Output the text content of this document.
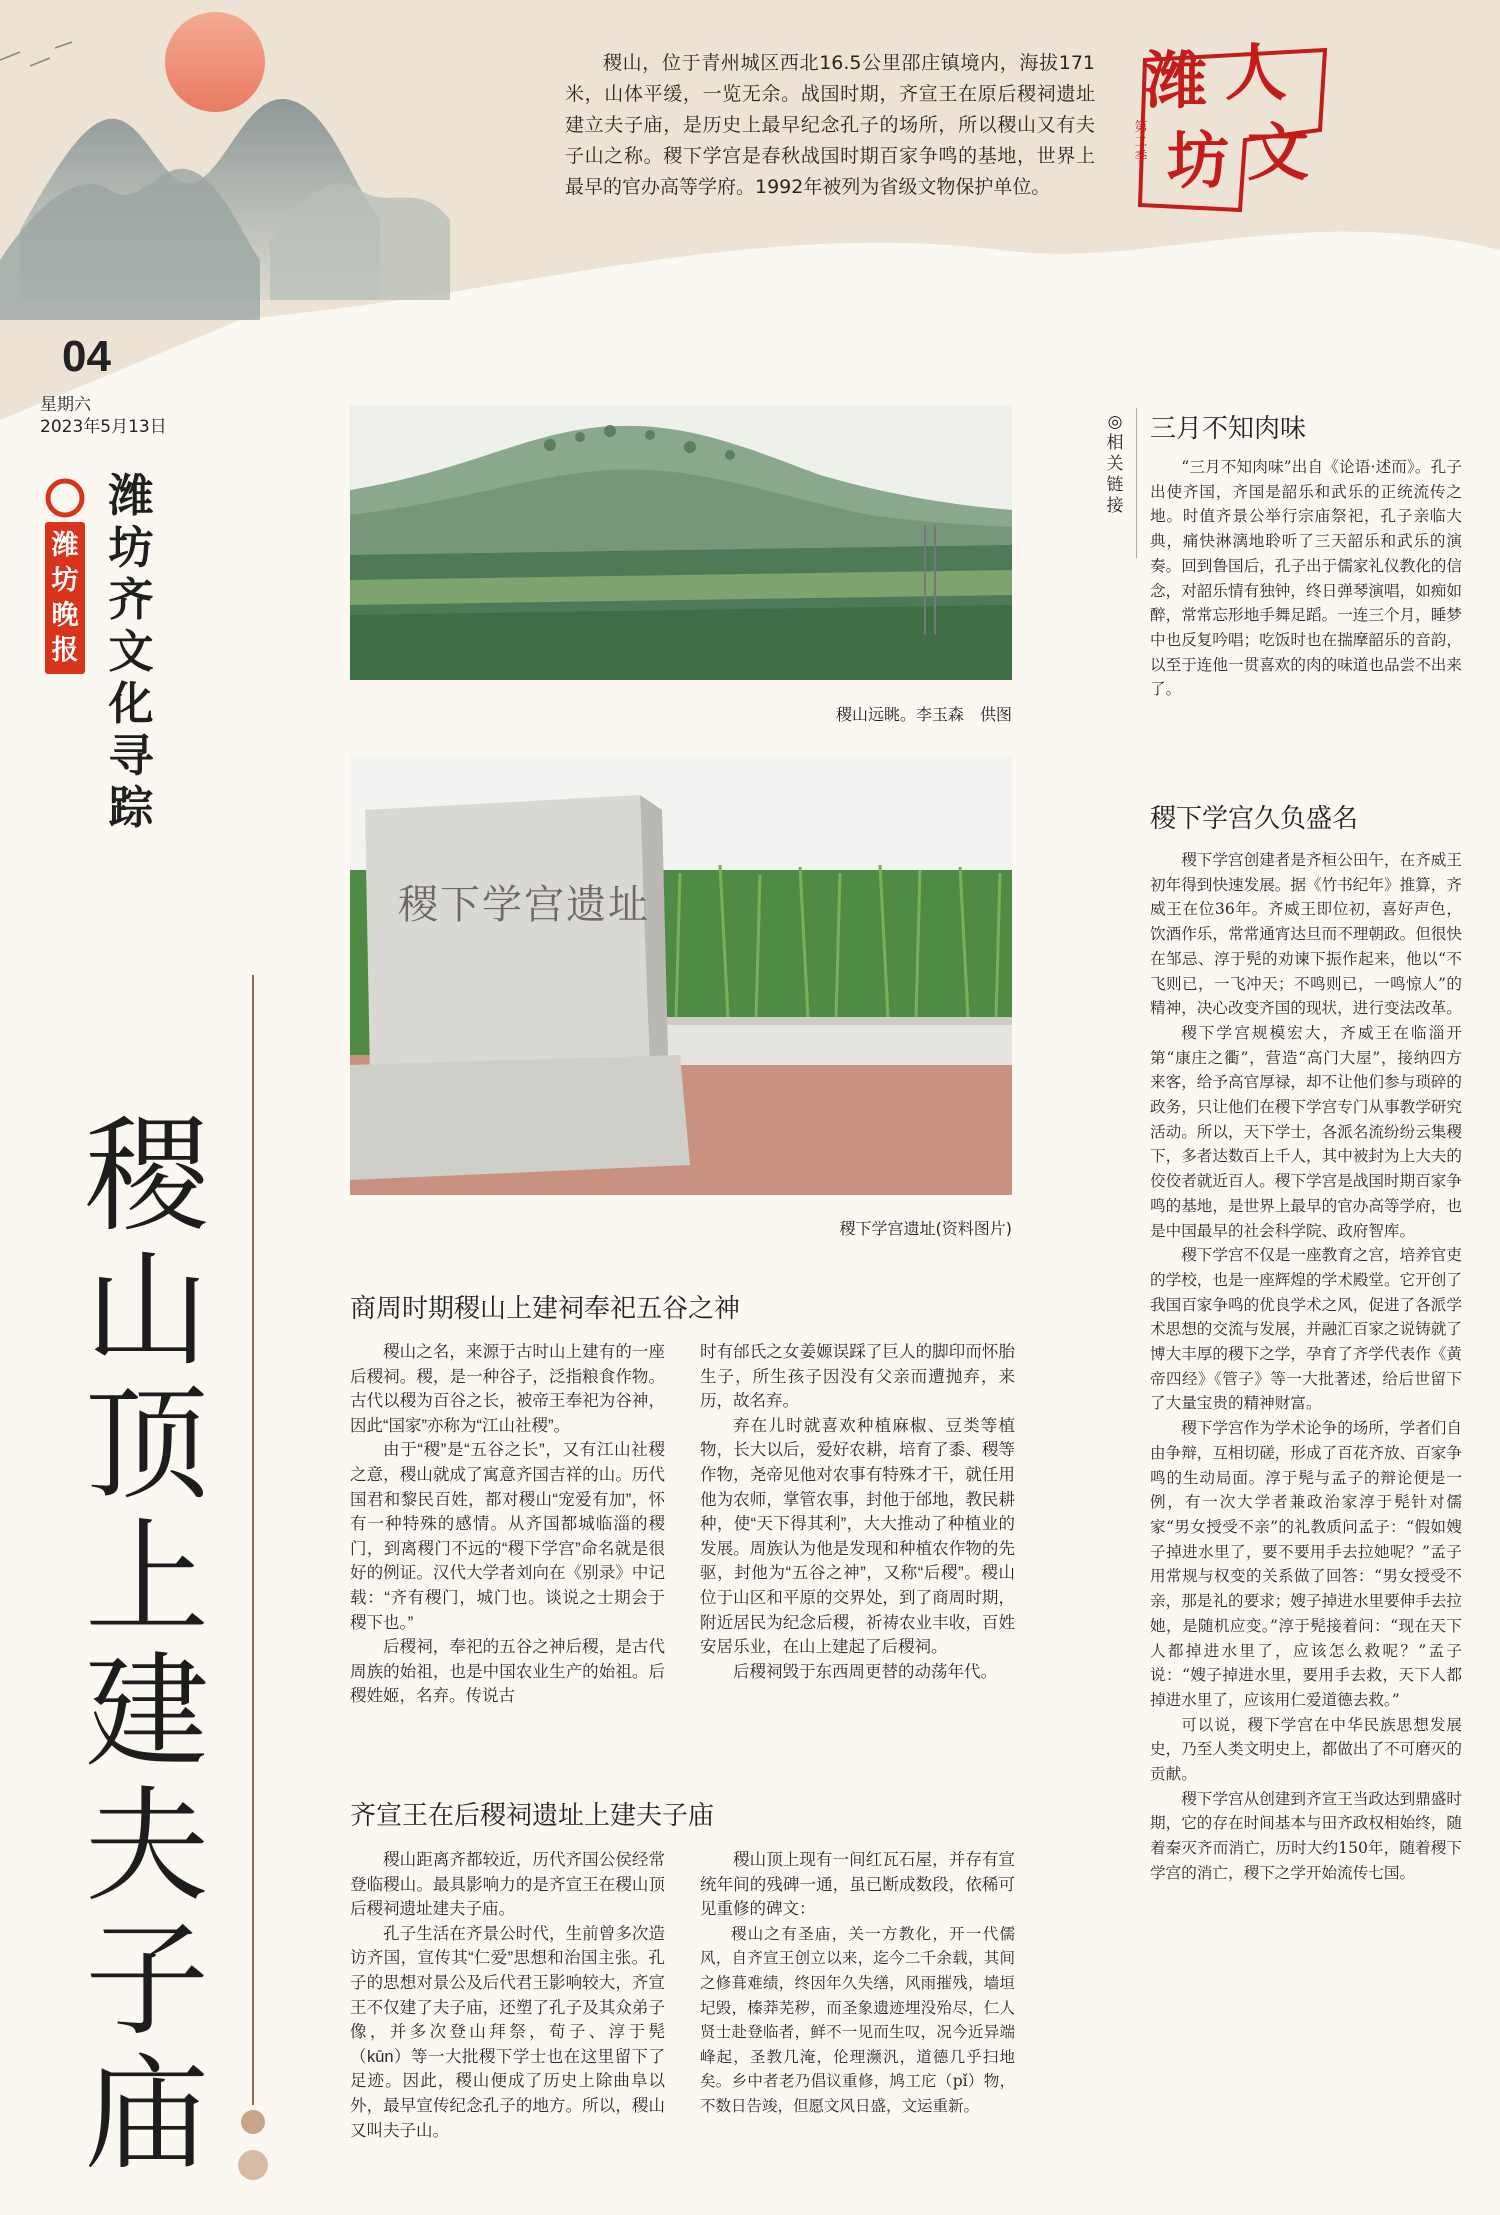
稷山，位于青州城区西北16.5公里邵庄镇境内，海拔171米，山体平缓，一览无余。战国时期，齐宣王在原后稷祠遗址建立夫子庙，是历史上最早纪念孔子的场所，所以稷山又有夫子山之称。稷下学宫是春秋战国时期百家争鸣的基地，世界上最早的官办高等学府。1992年被列为省级文物保护单位。
潍 人
坊 文
第二季
04
星期六
2023年5月13日
潍坊晚报
潍坊齐文化寻踪
稷山顶上建夫子庙
稷山远眺。李玉森　供图
稷下学宫遗址
稷下学宫遗址(资料图片)
商周时期稷山上建祠奉祀五谷之神

稷山之名，来源于古时山上建有的一座后稷祠。稷，是一种谷子，泛指粮食作物。古代以稷为百谷之长，被帝王奉祀为谷神，因此“国家”亦称为“江山社稷”。

由于“稷”是“五谷之长”，又有江山社稷之意，稷山就成了寓意齐国吉祥的山。历代国君和黎民百姓，都对稷山“宠爱有加”，怀有一种特殊的感情。从齐国都城临淄的稷门，到离稷门不远的“稷下学宫”命名就是很好的例证。汉代大学者刘向在《别录》中记载：“齐有稷门，城门也。谈说之士期会于稷下也。”

后稷祠，奉祀的五谷之神后稷，是古代周族的始祖，也是中国农业生产的始祖。后稷姓姬，名弃。传说古

时有邰氏之女姜嫄误踩了巨人的脚印而怀胎生子，所生孩子因没有父亲而遭抛弃，来历，故名弃。

弃在儿时就喜欢种植麻椒、豆类等植物，长大以后，爱好农耕，培育了黍、稷等作物，尧帝见他对农事有特殊才干，就任用他为农师，掌管农事，封他于邰地，教民耕种，使“天下得其利”，大大推动了种植业的发展。周族认为他是发现和种植农作物的先驱，封他为“五谷之神”，又称“后稷”。稷山位于山区和平原的交界处，到了商周时期，附近居民为纪念后稷，祈祷农业丰收，百姓安居乐业，在山上建起了后稷祠。

后稷祠毁于东西周更替的动荡年代。

齐宣王在后稷祠遗址上建夫子庙

稷山距离齐都较近，历代齐国公侯经常登临稷山。最具影响力的是齐宣王在稷山顶后稷祠遗址建夫子庙。

孔子生活在齐景公时代，生前曾多次造访齐国，宣传其“仁爱”思想和治国主张。孔子的思想对景公及后代君王影响较大，齐宣王不仅建了夫子庙，还塑了孔子及其众弟子像，并多次登山拜祭，荀子、淳于髡（kūn）等一大批稷下学士也在这里留下了足迹。因此，稷山便成了历史上除曲阜以外，最早宣传纪念孔子的地方。所以，稷山又叫夫子山。

稷山顶上现有一间红瓦石屋，并存有宣统年间的残碑一通，虽已断成数段，依稀可见重修的碑文：

稷山之有圣庙，关一方教化，开一代儒风，自齐宣王创立以来，迄今二千余载，其间之修葺难绩，终因年久失缮，风雨摧残，墙垣圮毁，榛莽芜秽，而圣象遗迹埋没殆尽，仁人贤士赴登临者，鲜不一见而生叹，况今近异端峰起，圣教几淹，伦理濒汎，道德几乎扫地矣。乡中者老乃倡议重修，鸠工庀（pǐ）物，不数日告竣，但愿文风日盛，文运重新。

◎相关链接
三月不知肉味

“三月不知肉味”出自《论语·述而》。孔子出使齐国，齐国是韶乐和武乐的正统流传之地。时值齐景公举行宗庙祭祀，孔子亲临大典，痛快淋漓地聆听了三天韶乐和武乐的演奏。回到鲁国后，孔子出于儒家礼仪教化的信念，对韶乐情有独钟，终日弹琴演唱，如痴如醉，常常忘形地手舞足蹈。一连三个月，睡梦中也反复吟唱；吃饭时也在揣摩韶乐的音韵，以至于连他一贯喜欢的肉的味道也品尝不出来了。

稷下学宫久负盛名

稷下学宫创建者是齐桓公田午，在齐威王初年得到快速发展。据《竹书纪年》推算，齐威王在位36年。齐威王即位初，喜好声色，饮酒作乐，常常通宵达旦而不理朝政。但很快在邹忌、淳于髡的劝谏下振作起来，他以“不飞则已，一飞冲天；不鸣则已，一鸣惊人”的精神，决心改变齐国的现状，进行变法改革。

稷下学宫规模宏大，齐威王在临淄开第“康庄之衢”，营造“高门大屋”，接纳四方来客，给予高官厚禄，却不让他们参与琐碎的政务，只让他们在稷下学宫专门从事教学研究活动。所以，天下学士，各派名流纷纷云集稷下，多者达数百上千人，其中被封为上大夫的佼佼者就近百人。稷下学宫是战国时期百家争鸣的基地，是世界上最早的官办高等学府，也是中国最早的社会科学院、政府智库。

稷下学宫不仅是一座教育之宫，培养官吏的学校，也是一座辉煌的学术殿堂。它开创了我国百家争鸣的优良学术之风，促进了各派学术思想的交流与发展，并融汇百家之说铸就了博大丰厚的稷下之学，孕育了齐学代表作《黄帝四经》《管子》等一大批著述，给后世留下了大量宝贵的精神财富。

稷下学宫作为学术论争的场所，学者们自由争辩，互相切磋，形成了百花齐放、百家争鸣的生动局面。淳于髡与孟子的辩论便是一例，有一次大学者兼政治家淳于髡针对儒家“男女授受不亲”的礼教质问孟子：“假如嫂子掉进水里了，要不要用手去拉她呢？”孟子用常规与权变的关系做了回答：“男女授受不亲，那是礼的要求；嫂子掉进水里要伸手去拉她，是随机应变。”淳于髡接着问：“现在天下人都掉进水里了，应该怎么救呢？”孟子说：“嫂子掉进水里，要用手去救，天下人都掉进水里了，应该用仁爱道德去救。”

可以说，稷下学宫在中华民族思想发展史，乃至人类文明史上，都做出了不可磨灭的贡献。

稷下学宫从创建到齐宣王当政达到鼎盛时期，它的存在时间基本与田齐政权相始终，随着秦灭齐而消亡，历时大约150年，随着稷下学宫的消亡，稷下之学开始流传七国。
